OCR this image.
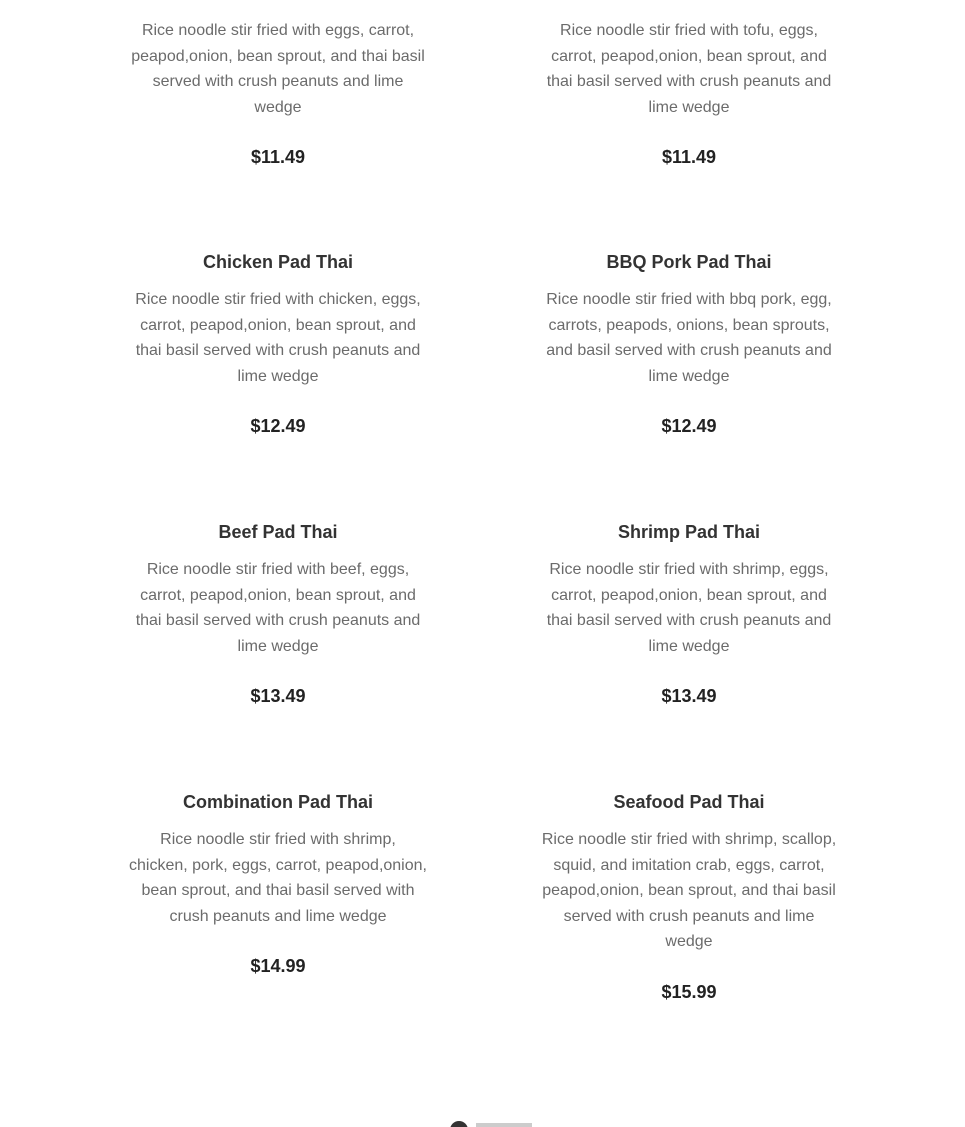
Rice noodle stir fried with eggs, carrot, peapod,onion, bean sprout, and thai basil served with crush peanuts and lime wedge
$11.49
Rice noodle stir fried with tofu, eggs, carrot, peapod,onion, bean sprout, and thai basil served with crush peanuts and lime wedge
$11.49
Chicken Pad Thai
Rice noodle stir fried with chicken, eggs, carrot, peapod,onion, bean sprout, and thai basil served with crush peanuts and lime wedge
$12.49
BBQ Pork Pad Thai
Rice noodle stir fried with bbq pork, egg, carrots, peapods, onions, bean sprouts, and basil served with crush peanuts and lime wedge
$12.49
Beef Pad Thai
Rice noodle stir fried with beef, eggs, carrot, peapod,onion, bean sprout, and thai basil served with crush peanuts and lime wedge
$13.49
Shrimp Pad Thai
Rice noodle stir fried with shrimp, eggs, carrot, peapod,onion, bean sprout, and thai basil served with crush peanuts and lime wedge
$13.49
Combination Pad Thai
Rice noodle stir fried with shrimp, chicken, pork, eggs, carrot, peapod,onion, bean sprout, and thai basil served with crush peanuts and lime wedge
$14.99
Seafood Pad Thai
Rice noodle stir fried with shrimp, scallop, squid, and imitation crab, eggs, carrot, peapod,onion, bean sprout, and thai basil served with crush peanuts and lime wedge
$15.99
